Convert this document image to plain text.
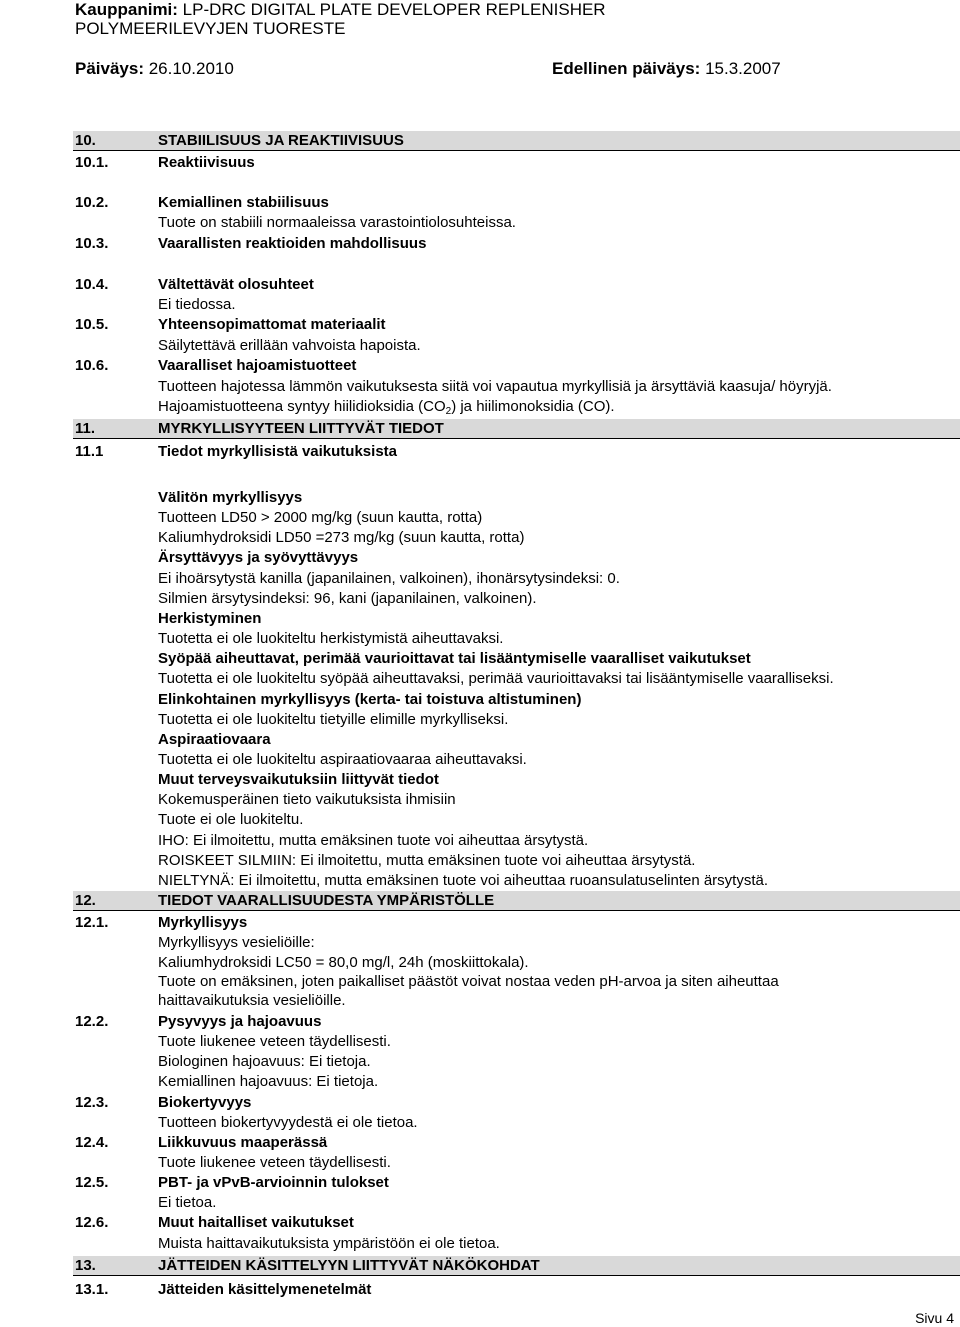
Kauppanimi: LP-DRC DIGITAL PLATE DEVELOPER REPLENISHER
POLYMEERILEVYJEN TUORESTE
Päiväys: 26.10.2010	Edellinen päiväys: 15.3.2007
10.	STABIILISUUS JA REAKTIIVISUUS
10.1.	Reaktiivisuus
10.2.	Kemiallinen stabiilisuus
Tuote on stabiili normaaleissa varastointiolosuhteissa.
10.3.	Vaarallisten reaktioiden mahdollisuus
10.4.	Vältettävät olosuhteet
Ei tiedossa.
10.5.	Yhteensopimattomat materiaalit
Säilytettävä erillään vahvoista hapoista.
10.6.	Vaaralliset hajoamistuotteet
Tuotteen hajotessa lämmön vaikutuksesta siitä voi vapautua myrkyllisiä ja ärsyttäviä kaasuja/ höyryjä.
Hajoamistuotteena syntyy hiilidioksidia $(CO_2)$ ja hiilimonoksidia (CO).
11.	MYRKYLLISYYTEEN LIITTYVÄT TIEDOT
11.1	Tiedot myrkyllisistä vaikutuksista
Välitön myrkyllisyys
Tuotteen LD50 > 2000 mg/kg (suun kautta, rotta)
Kaliumhydroksidi LD50 =273 mg/kg (suun kautta, rotta)
Ärsyttävyys ja syövyttävyys
Ei ihoärsytystä kanilla (japanilainen, valkoinen), ihonärsytysindeksi: 0.
Silmien ärsytysindeksi: 96, kani (japanilainen, valkoinen).
Herkistyminen
Tuotetta ei ole luokiteltu herkistymistä aiheuttavaksi.
Syöpää aiheuttavat, perimää vaurioittavat tai lisääntymiselle vaaralliset vaikutukset
Tuotetta ei ole luokiteltu syöpää aiheuttavaksi, perimää vaurioittavaksi tai lisääntymiselle vaaralliseksi.
Elinkohtainen myrkyllisyys (kerta- tai toistuva altistuminen)
Tuotetta ei ole luokiteltu tietyille elimille myrkylliseksi.
Aspiraatiovaara
Tuotetta ei ole luokiteltu aspiraatiovaaraa aiheuttavaksi.
Muut terveysvaikutuksiin liittyvät tiedot
Kokemusperäinen tieto vaikutuksista ihmisiin
Tuote ei ole luokiteltu.
IHO: Ei ilmoitettu, mutta emäksinen tuote voi aiheuttaa ärsytystä.
ROISKEET SILMIIN: Ei ilmoitettu, mutta emäksinen tuote voi aiheuttaa ärsytystä.
NIELTYNÄ: Ei ilmoitettu, mutta emäksinen tuote voi aiheuttaa ruoansulatuselinten ärsytystä.
12.	TIEDOT VAARALLISUUDESTA YMPÄRISTÖLLE
12.1.	Myrkyllisyys
Myrkyllisyys vesieliöille:
Kaliumhydroksidi LC50 = 80,0 mg/l, 24h (moskiittokala).
Tuote on emäksinen, joten paikalliset päästöt voivat nostaa veden pH-arvoa ja siten aiheuttaa
haittavaikutuksia vesieliöille.
12.2.	Pysyvyys ja hajoavuus
Tuote liukenee veteen täydellisesti.
Biologinen hajoavuus: Ei tietoja.
Kemiallinen hajoavuus: Ei tietoja.
12.3.	Biokertyvyys
Tuotteen biokertyvyydestä ei ole tietoa.
12.4.	Liikkuvuus maaperässä
Tuote liukenee veteen täydellisesti.
12.5.	PBT- ja vPvB-arvioinnin tulokset
Ei tietoa.
12.6.	Muut haitalliset vaikutukset
Muista haittavaikutuksista ympäristöön ei ole tietoa.
13.	JÄTTEIDEN KÄSITTELYYN LIITTYVÄT NÄKÖKOHDAT
13.1.	Jätteiden käsittelymenetelmät
Sivu 4
